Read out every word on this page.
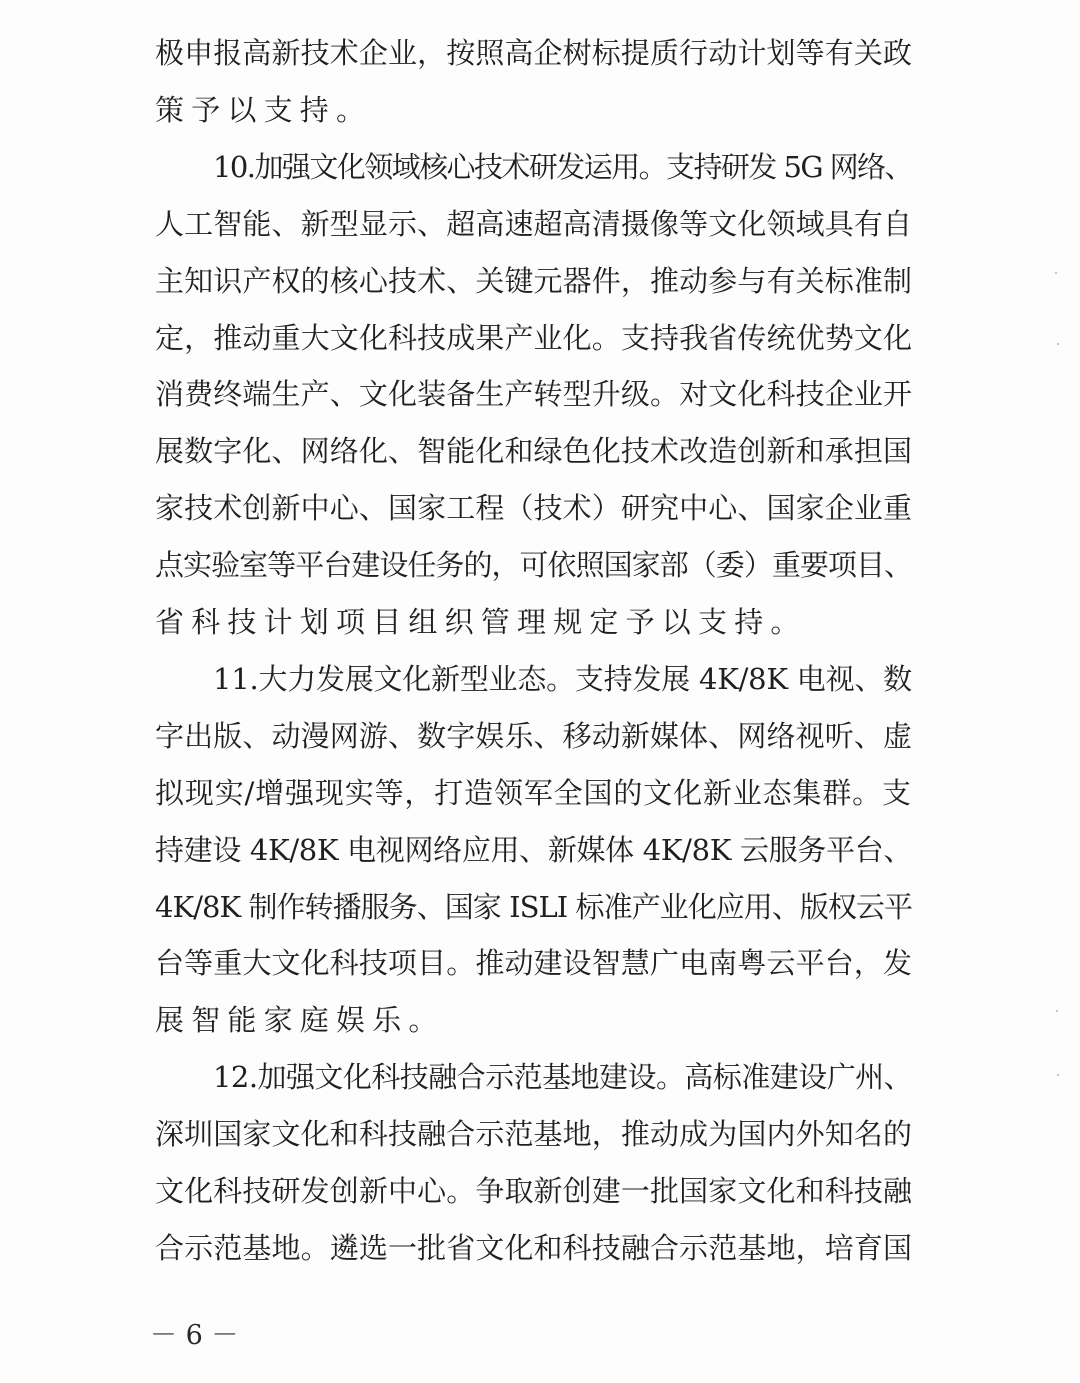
极申报高新技术企业，按照高企树标提质行动计划等有关政
策予以支持。
10.加强文化领域核心技术研发运用。支持研发 5G 网络、
人工智能、新型显示、超高速超高清摄像等文化领域具有自
主知识产权的核心技术、关键元器件，推动参与有关标准制
定，推动重大文化科技成果产业化。支持我省传统优势文化
消费终端生产、文化装备生产转型升级。对文化科技企业开
展数字化、网络化、智能化和绿色化技术改造创新和承担国
家技术创新中心、国家工程（技术）研究中心、国家企业重
点实验室等平台建设任务的，可依照国家部（委）重要项目、
省科技计划项目组织管理规定予以支持。
11.大力发展文化新型业态。支持发展 4K/8K 电视、数
字出版、动漫网游、数字娱乐、移动新媒体、网络视听、虚
拟现实/增强现实等，打造领军全国的文化新业态集群。支
持建设 4K/8K 电视网络应用、新媒体 4K/8K 云服务平台、
4K/8K 制作转播服务、国家 ISLI 标准产业化应用、版权云平
台等重大文化科技项目。推动建设智慧广电南粤云平台，发
展智能家庭娱乐。
12.加强文化科技融合示范基地建设。高标准建设广州、
深圳国家文化和科技融合示范基地，推动成为国内外知名的
文化科技研发创新中心。争取新创建一批国家文化和科技融
合示范基地。遴选一批省文化和科技融合示范基地，培育国
－ 6 －
